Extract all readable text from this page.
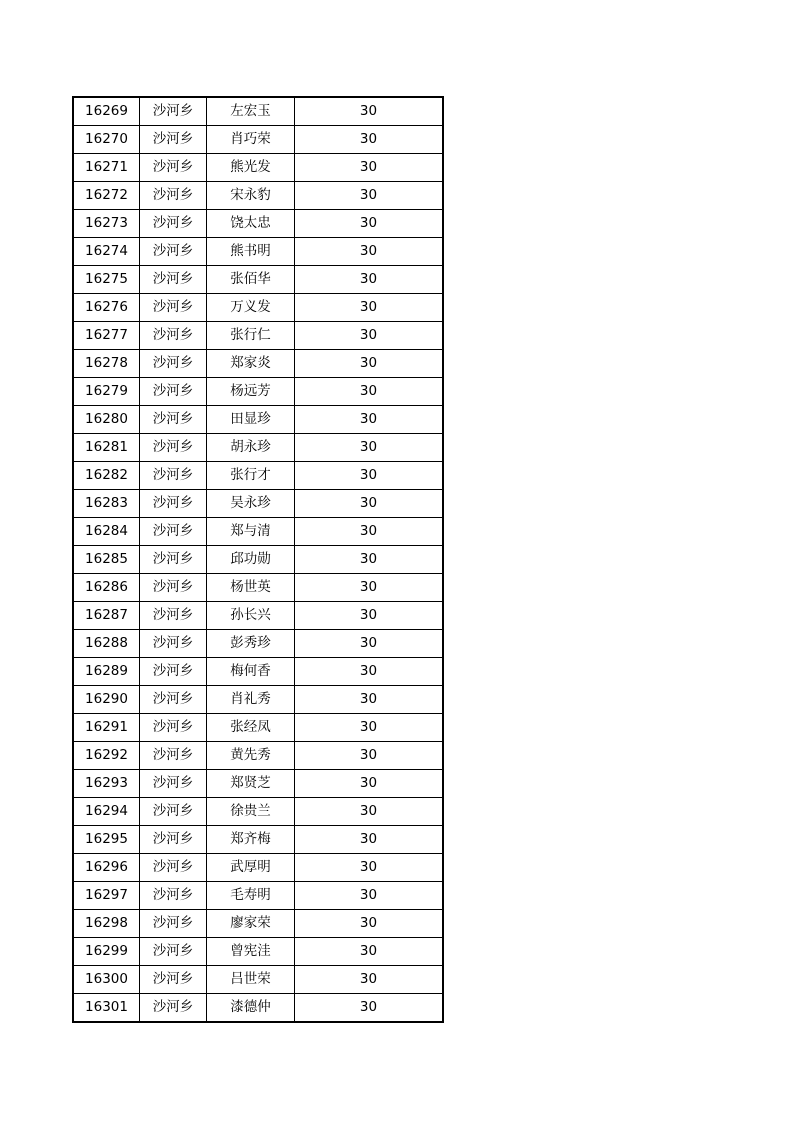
16269	沙河乡	左宏玉	30
16270	沙河乡	肖巧荣	30
16271	沙河乡	熊光发	30
16272	沙河乡	宋永豹	30
16273	沙河乡	饶太忠	30
16274	沙河乡	熊书明	30
16275	沙河乡	张佰华	30
16276	沙河乡	万义发	30
16277	沙河乡	张行仁	30
16278	沙河乡	郑家炎	30
16279	沙河乡	杨远芳	30
16280	沙河乡	田显珍	30
16281	沙河乡	胡永珍	30
16282	沙河乡	张行才	30
16283	沙河乡	吴永珍	30
16284	沙河乡	郑与清	30
16285	沙河乡	邱功勋	30
16286	沙河乡	杨世英	30
16287	沙河乡	孙长兴	30
16288	沙河乡	彭秀珍	30
16289	沙河乡	梅何香	30
16290	沙河乡	肖礼秀	30
16291	沙河乡	张经凤	30
16292	沙河乡	黄先秀	30
16293	沙河乡	郑贤芝	30
16294	沙河乡	徐贵兰	30
16295	沙河乡	郑齐梅	30
16296	沙河乡	武厚明	30
16297	沙河乡	毛寿明	30
16298	沙河乡	廖家荣	30
16299	沙河乡	曾宪洼	30
16300	沙河乡	吕世荣	30
16301	沙河乡	漆德仲	30
